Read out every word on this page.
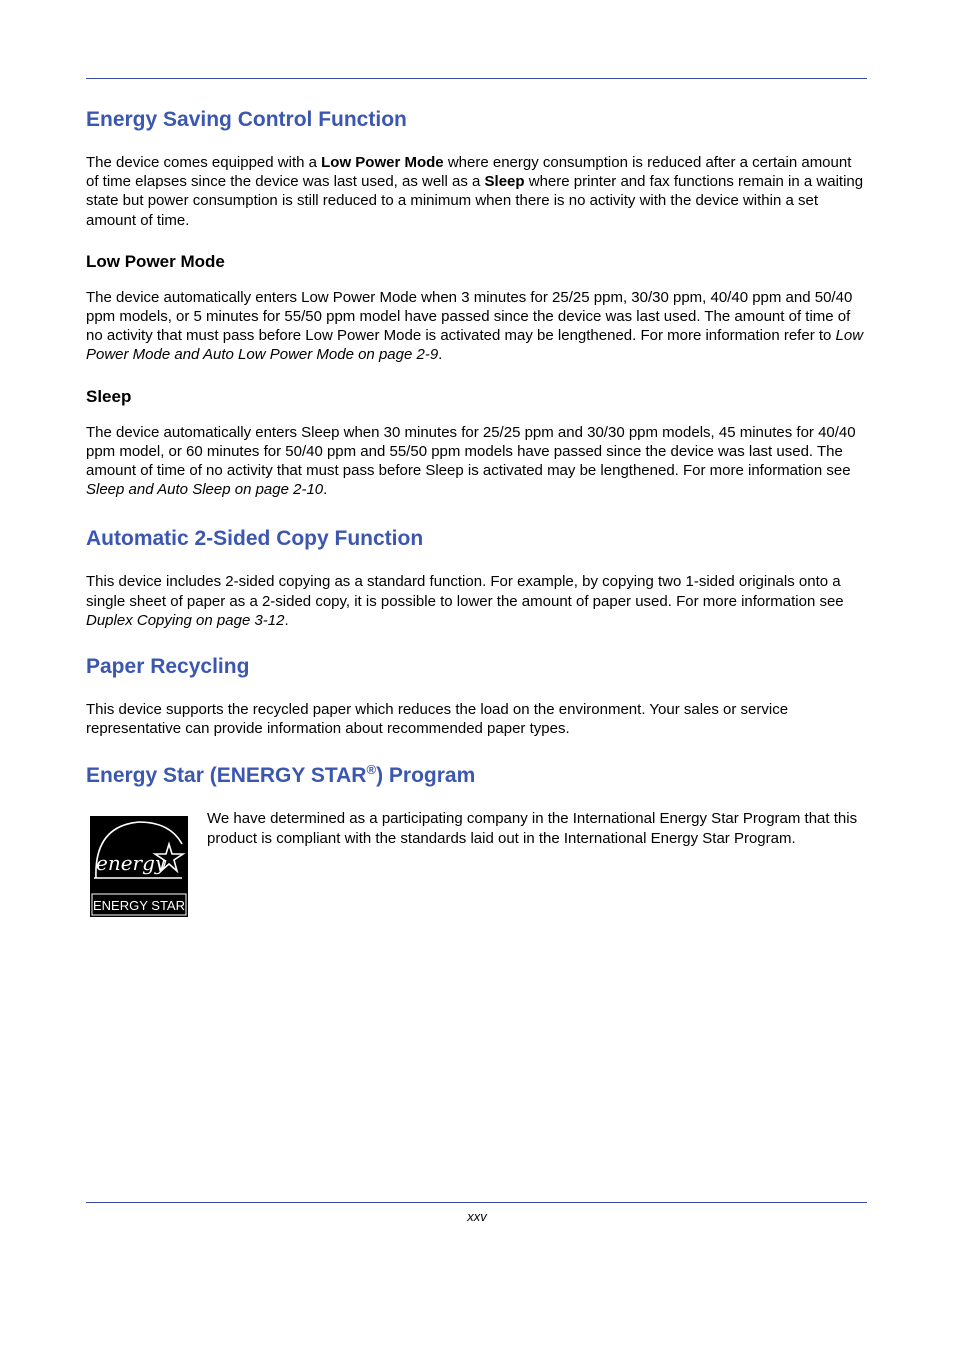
Energy Saving Control Function

The device comes equipped with a Low Power Mode where energy consumption is reduced after a certain amount of time elapses since the device was last used, as well as a Sleep where printer and fax functions remain in a waiting state but power consumption is still reduced to a minimum when there is no activity with the device within a set amount of time.

Low Power Mode

The device automatically enters Low Power Mode when 3 minutes for 25/25 ppm, 30/30 ppm, 40/40 ppm and 50/40 ppm models, or 5 minutes for 55/50 ppm model have passed since the device was last used. The amount of time of no activity that must pass before Low Power Mode is activated may be lengthened. For more information refer to Low Power Mode and Auto Low Power Mode on page 2-9.

Sleep

The device automatically enters Sleep when 30 minutes for 25/25 ppm and 30/30 ppm models, 45 minutes for 40/40 ppm model, or 60 minutes for 50/40 ppm and 55/50 ppm models have passed since the device was last used. The amount of time of no activity that must pass before Sleep is activated may be lengthened. For more information see Sleep and Auto Sleep on page 2-10.

Automatic 2-Sided Copy Function

This device includes 2-sided copying as a standard function. For example, by copying two 1-sided originals onto a single sheet of paper as a 2-sided copy, it is possible to lower the amount of paper used. For more information see Duplex Copying on page 3-12.

Paper Recycling

This device supports the recycled paper which reduces the load on the environment. Your sales or service representative can provide information about recommended paper types.

Energy Star (ENERGY STAR®) Program
energy
ENERGY STAR

We have determined as a participating company in the International Energy Star Program that this product is compliant with the standards laid out in the International Energy Star Program.

xxv
